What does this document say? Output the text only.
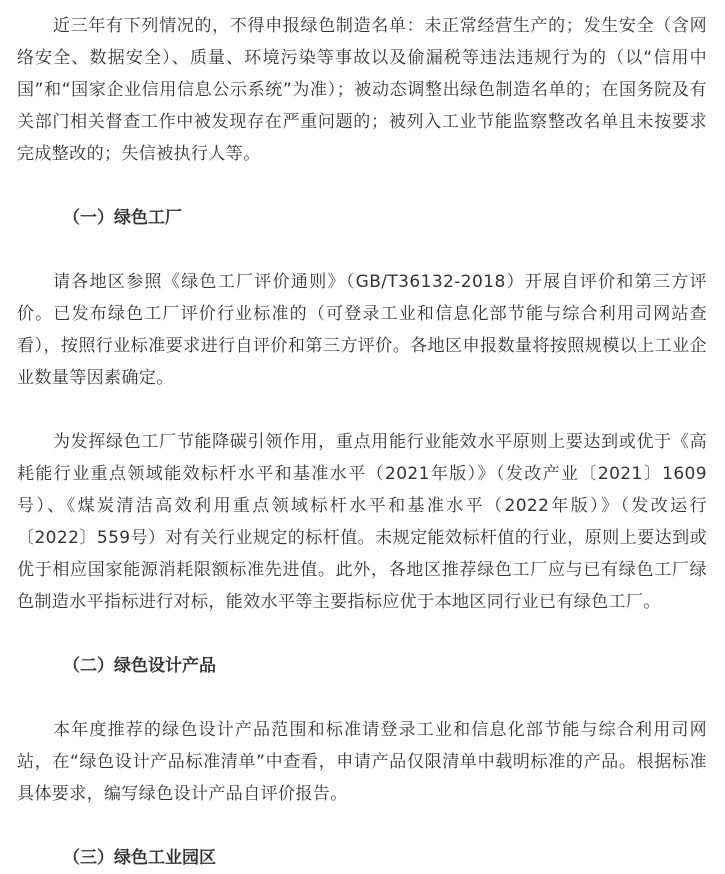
近三年有下列情况的，不得申报绿色制造名单：未正常经营生产的；发生安全（含网络安全、数据安全）、质量、环境污染等事故以及偷漏税等违法违规行为的（以“信用中国”和“国家企业信用信息公示系统”为准）；被动态调整出绿色制造名单的；在国务院及有关部门相关督查工作中被发现存在严重问题的；被列入工业节能监察整改名单且未按要求完成整改的；失信被执行人等。

（一）绿色工厂

请各地区参照《绿色工厂评价通则》（GB/T36132-2018）开展自评价和第三方评价。已发布绿色工厂评价行业标准的（可登录工业和信息化部节能与综合利用司网站查看），按照行业标准要求进行自评价和第三方评价。各地区申报数量将按照规模以上工业企业数量等因素确定。

为发挥绿色工厂节能降碳引领作用，重点用能行业能效水平原则上要达到或优于《高耗能行业重点领域能效标杆水平和基准水平（2021年版）》（发改产业〔2021〕1609号）、《煤炭清洁高效利用重点领域标杆水平和基准水平（2022年版）》（发改运行〔2022〕559号）对有关行业规定的标杆值。未规定能效标杆值的行业，原则上要达到或优于相应国家能源消耗限额标准先进值。此外，各地区推荐绿色工厂应与已有绿色工厂绿色制造水平指标进行对标，能效水平等主要指标应优于本地区同行业已有绿色工厂。

（二）绿色设计产品

本年度推荐的绿色设计产品范围和标准请登录工业和信息化部节能与综合利用司网站，在“绿色设计产品标准清单”中查看，申请产品仅限清单中载明标准的产品。根据标准具体要求，编写绿色设计产品自评价报告。

（三）绿色工业园区
